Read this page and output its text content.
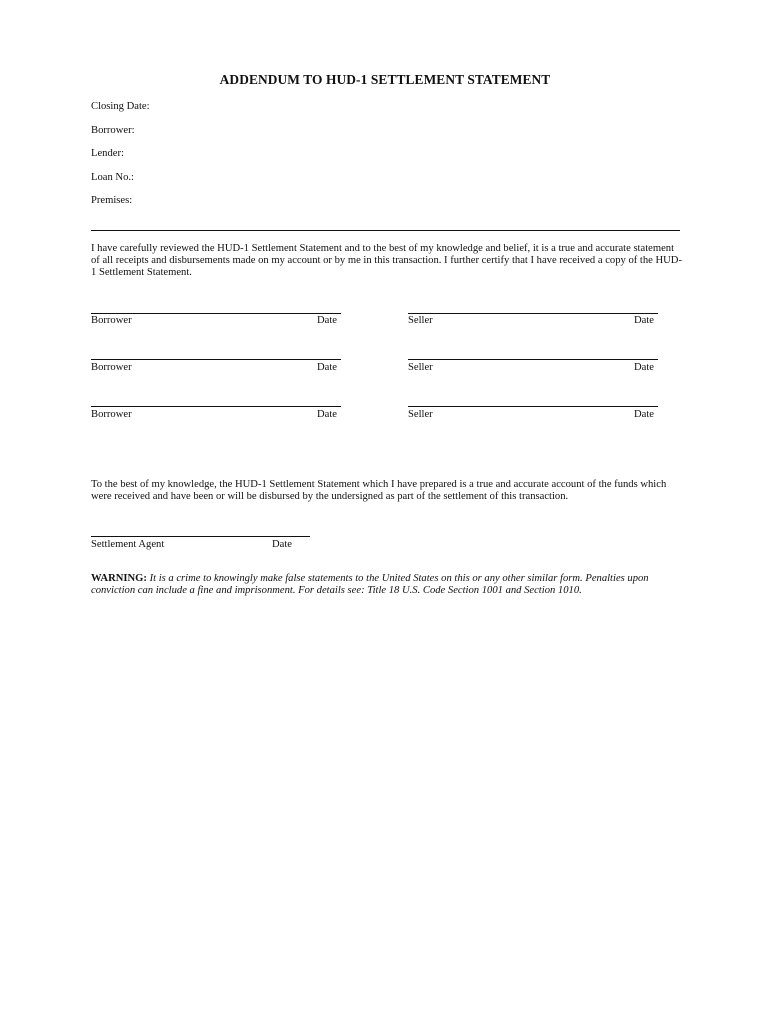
ADDENDUM TO HUD-1 SETTLEMENT STATEMENT
Closing Date:
Borrower:
Lender:
Loan No.:
Premises:
I have carefully reviewed the HUD-1 Settlement Statement and to the best of my knowledge and belief, it is a true and accurate statement of all receipts and disbursements made on my account or by me in this transaction. I further certify that I have received a copy of the HUD-1 Settlement Statement.
Borrower	Date	Seller	Date
Borrower	Date	Seller	Date
Borrower	Date	Seller	Date
To the best of my knowledge, the HUD-1 Settlement Statement which I have prepared is a true and accurate account of the funds which were received and have been or will be disbursed by the undersigned as part of the settlement of this transaction.
Settlement Agent	Date
WARNING: It is a crime to knowingly make false statements to the United States on this or any other similar form. Penalties upon conviction can include a fine and imprisonment. For details see: Title 18 U.S. Code Section 1001 and Section 1010.
